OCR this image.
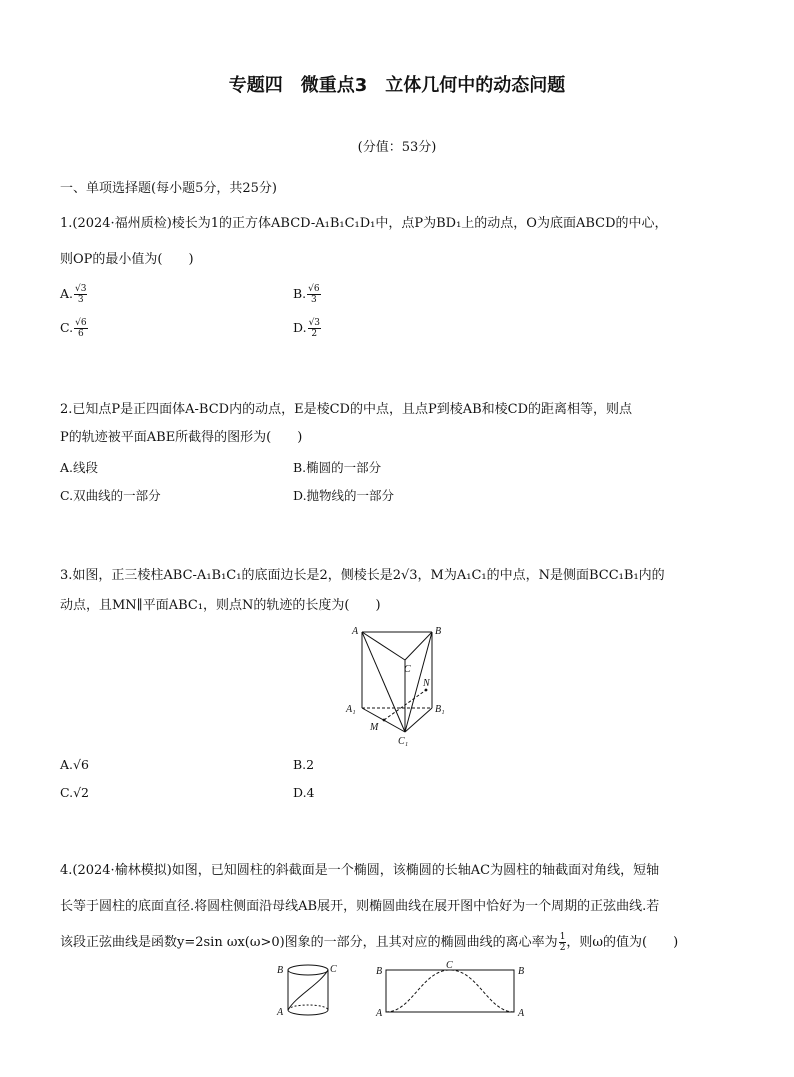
专题四　微重点3　立体几何中的动态问题
(分值：53分)
一、单项选择题(每小题5分，共25分)
1.(2024·福州质检)棱长为1的正方体ABCD-A₁B₁C₁D₁中，点P为BD₁上的动点，O为底面ABCD的中心，
则OP的最小值为(　　)
A. $\frac{√3}{3}$	B. $\frac{√6}{3}$
C. $\frac{√6}{6}$	D. $\frac{√3}{2}$
2.已知点P是正四面体A-BCD内的动点，E是棱CD的中点，且点P到棱AB和棱CD的距离相等，则点
P的轨迹被平面ABE所截得的图形为(　　)
A.线段	B.椭圆的一部分
C.双曲线的一部分	D.抛物线的一部分
3.如图，正三棱柱ABC-A₁B₁C₁的底面边长是2，侧棱长是2√3，M为A₁C₁的中点，N是侧面BCC₁B₁内的
动点，且MN∥平面ABC₁，则点N的轨迹的长度为(　　)
A	B
C
A₁	B₁
C₁
M
N
A.√6	B.2
C.√2	D.4
4.(2024·榆林模拟)如图，已知圆柱的斜截面是一个椭圆，该椭圆的长轴AC为圆柱的轴截面对角线，短轴
长等于圆柱的底面直径.将圆柱侧面沿母线AB展开，则椭圆曲线在展开图中恰好为一个周期的正弦曲线.若
该段正弦曲线是函数y=2sin ωx(ω>0)图象的一部分，且其对应的椭圆曲线的离心率为 $\frac{1}{2}$ ，则ω的值为(　　)
B	C
A
B	B
C
A	A
